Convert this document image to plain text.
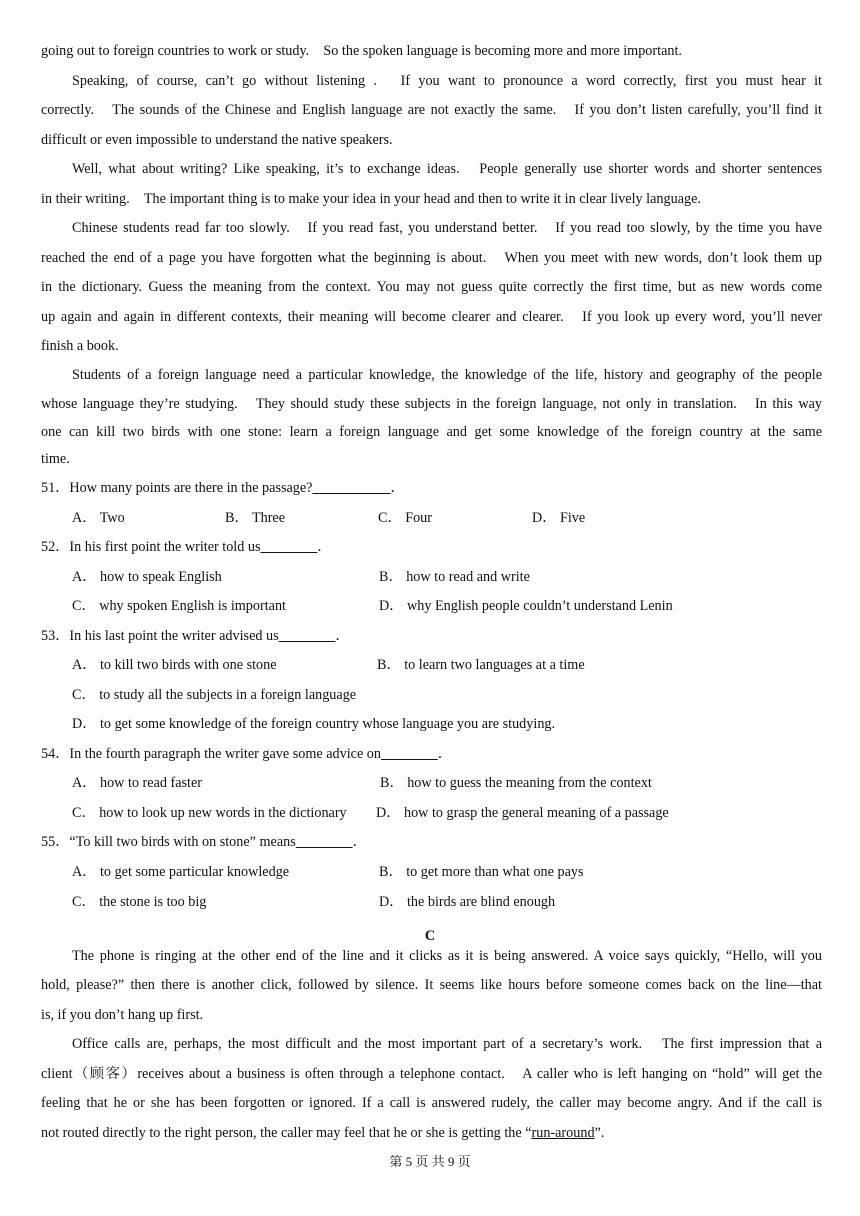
going out to foreign countries to work or study.　So the spoken language is becoming more and more important.
Speaking, of course, can’t go without listening .　If you want to pronounce a word correctly, first you must hear it
correctly.　The sounds of the Chinese and English language are not exactly the same.　If you don’t listen carefully, you’ll find it
difficult or even impossible to understand the native speakers.
Well, what about writing? Like speaking, it’s to exchange ideas.　People generally use shorter words and shorter sentences
in their writing.　The important thing is to make your idea in your head and then to write it in clear lively language.
Chinese students read far too slowly.　If you read fast, you understand better.　If you read too slowly, by the time you have
reached the end of a page you have forgotten what the beginning is about.　When you meet with new words, don’t look them up
in the dictionary. Guess the meaning from the context. You may not guess quite correctly the first time, but as new words come
up again and again in different contexts, their meaning will become clearer and clearer.　If you look up every word, you’ll never
finish a book.
Students of a foreign language need a particular knowledge, the knowledge of the life, history and geography of the people
whose language they’re studying.　They should study these subjects in the foreign language, not only in translation.　In this way
one can kill two birds with one stone: learn a foreign language and get some knowledge of the foreign country at the same
time.
51．How many points are there in the passage?	．
A． Two	B． Three	C． Four	D． Five
52．In his first point the writer told us	．
A． how to speak English	B． how to read and write
C． why spoken English is important	D． why English people couldn’t understand Lenin
53．In his last point the writer advised us	．
A． to kill two birds with one stone	B． to learn two languages at a time
C． to study all the subjects in a foreign language
D． to get some knowledge of the foreign country whose language you are studying.
54．In the fourth paragraph the writer gave some advice on	．
A． how to read faster	B． how to guess the meaning from the context
C． how to look up new words in the dictionary D． how to grasp the general meaning of a passage
55．“To kill two birds with on stone” means	．
A． to get some particular knowledge	B． to get more than what one pays
C． the stone is too big	D． the birds are blind enough
C
The phone is ringing at the other end of the line and it clicks as it is being answered. A voice says quickly, “Hello, will you
hold, please?” then there is another click, followed by silence. It seems like hours before someone comes back on the line—that
is, if you don’t hang up first.
Office calls are, perhaps, the most difficult and the most important part of a secretary’s work.　The first impression that a
client（顾客）receives about a business is often through a telephone contact.　A caller who is left hanging on “hold” will get the
feeling that he or she has been forgotten or ignored. If a call is answered rudely, the caller may become angry. And if the call is
not routed directly to the right person, the caller may feel that he or she is getting the “run-around”.
第 5 页 共 9 页
